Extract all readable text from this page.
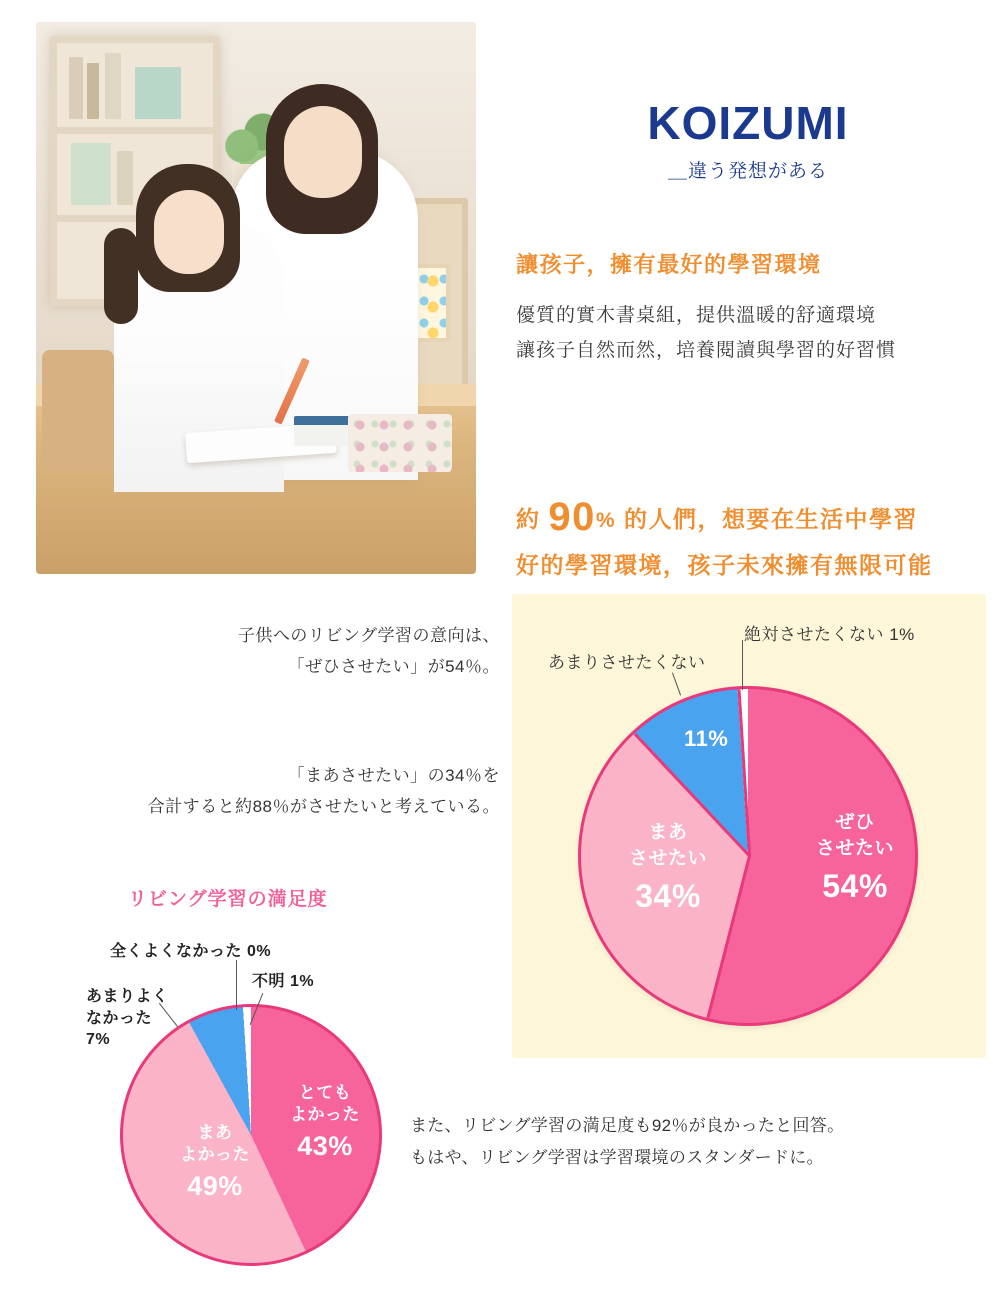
KOIZUMI
＿違う発想がある
讓孩子，擁有最好的學習環境
優質的實木書桌組，提供溫暖的舒適環境
讓孩子自然而然，培養閱讀與學習的好習慣
約 90% 的人們，想要在生活中學習
好的學習環境，孩子未來擁有無限可能
子供へのリビング学習の意向は、
「ぜひさせたい」が54％。
「まあさせたい」の34％を
合計すると約88％がさせたいと考えている。
また、リビング学習の満足度も92％が良かったと回答。
もはや、リビング学習は学習環境のスタンダードに。
ぜひ
させたい
54%
まあ
させたい
34%
11%
あまりさせたくない
絶対させたくない 1%
リビング学習の満足度
とても
よかった
43%
まあ
よかった
49%
全くよくなかった 0%
不明 1%
あまりよく
なかった
7%
